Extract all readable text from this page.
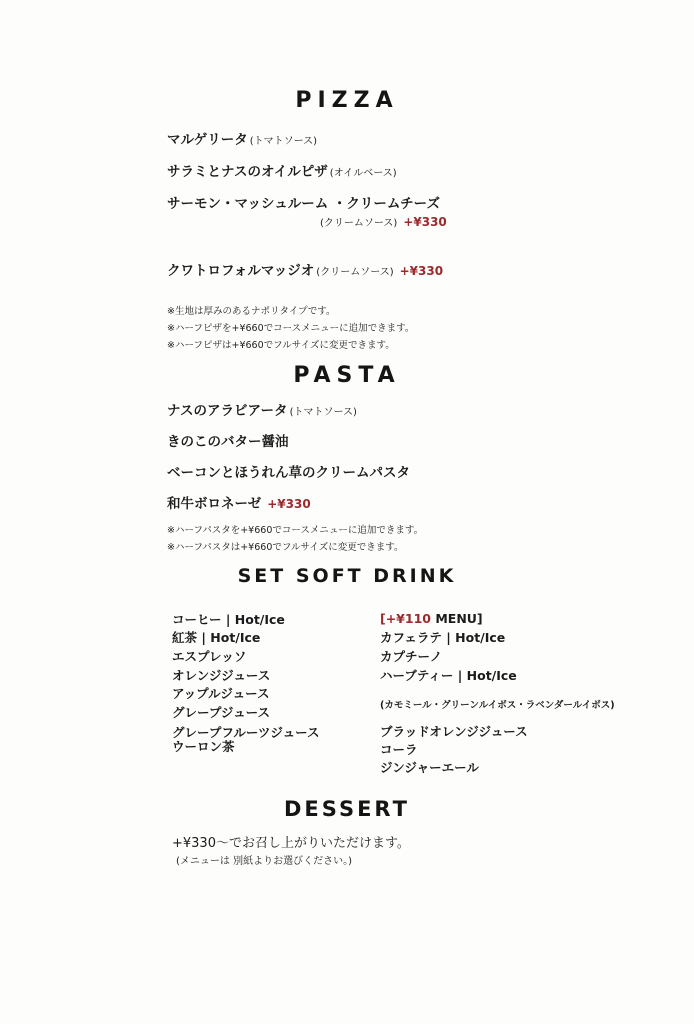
PIZZA
マルゲリータ (トマトソース)
サラミとナスのオイルピザ (オイルベース)
サーモン・マッシュルーム ・クリームチーズ
(クリームソース) +¥330
クワトロフォルマッジオ (クリームソース) +¥330
※生地は厚みのあるナポリタイプです。
※ハーフピザを+¥660でコースメニューに追加できます。
※ハーフピザは+¥660でフルサイズに変更できます。
PASTA
ナスのアラビアータ (トマトソース)
きのこのバター醤油
ベーコンとほうれん草のクリームパスタ
和牛ボロネーゼ +¥330
※ハーフパスタを+¥660でコースメニューに追加できます。
※ハーフパスタは+¥660でフルサイズに変更できます。
SET SOFT DRINK
コーヒー | Hot/Ice
紅茶 | Hot/Ice
エスプレッソ
オレンジジュース
アップルジュース
グレープジュース
グレープフルーツジュース
ウーロン茶
[+¥110 MENU]
カフェラテ | Hot/Ice
カプチーノ
ハーブティー | Hot/Ice
(カモミール・グリーンルイボス・ラベンダールイボス)
ブラッドオレンジジュース
コーラ
ジンジャーエール
DESSERT
+¥330〜でお召し上がりいただけます。
(メニューは 別紙よりお選びください。)
